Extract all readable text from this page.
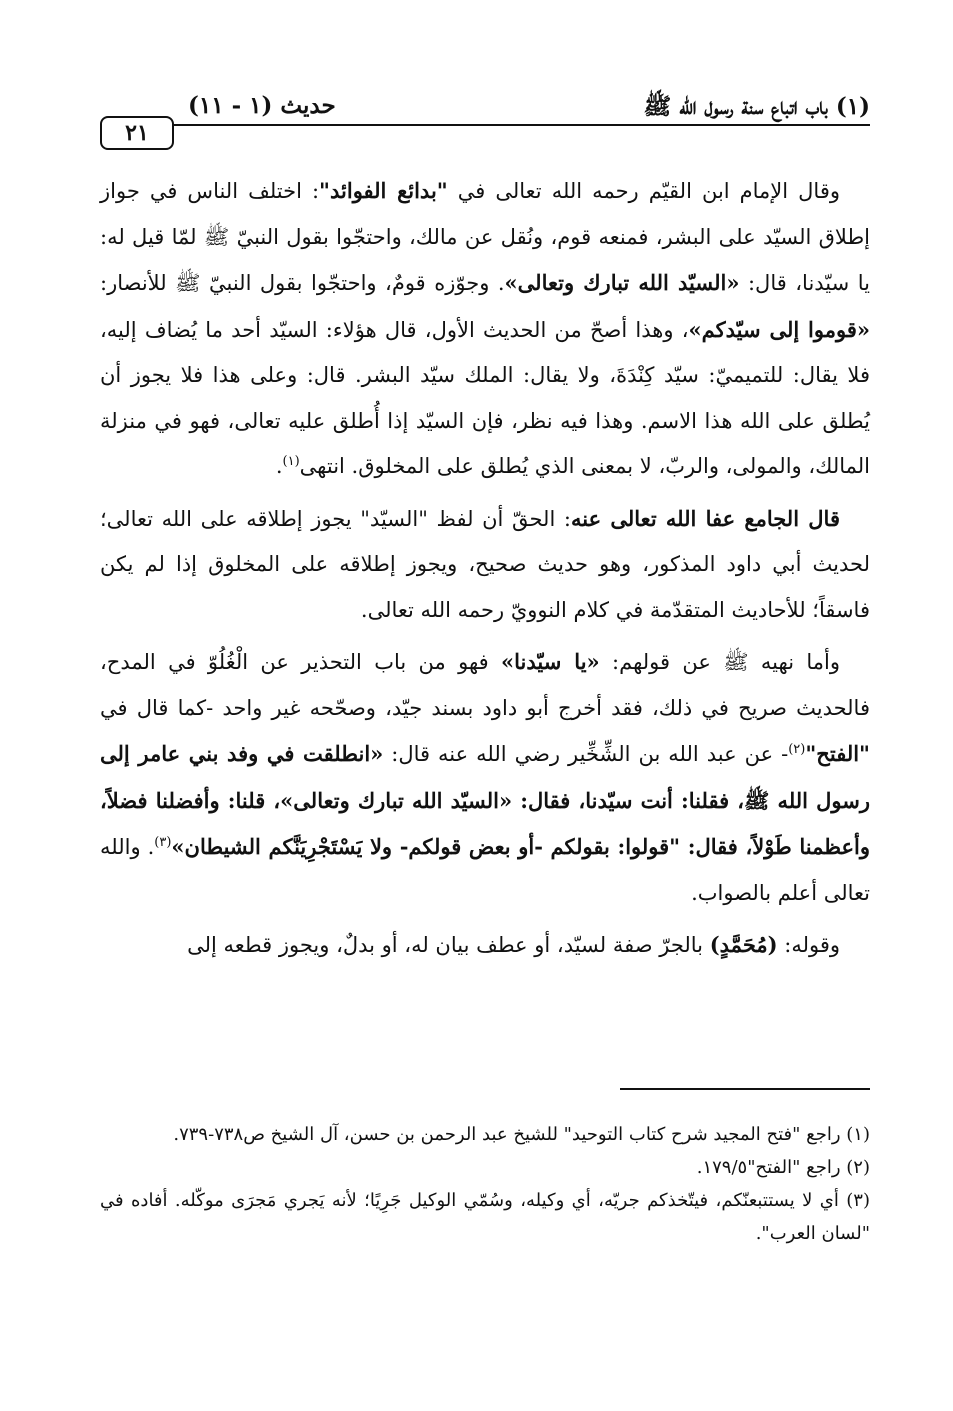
٢١
حديث (١ - ١١)	(١) باب اتباع سنة رسول الله ﷺ

وقال الإمام ابن القيّم رحمه الله تعالى في "بدائع الفوائد": اختلف الناس في جواز إطلاق السيّد على البشر، فمنعه قوم، ونُقل عن مالك، واحتجّوا بقول النبيّ ﷺ لمّا قيل له: يا سيّدنا، قال: «السيّد الله تبارك وتعالى». وجوّزه قومٌ، واحتجّوا بقول النبيّ ﷺ للأنصار: «قوموا إلى سيّدكم»، وهذا أصحّ من الحديث الأول، قال هؤلاء: السيّد أحد ما يُضاف إليه، فلا يقال: للتميميّ: سيّد كِنْدَةَ، ولا يقال: الملك سيّد البشر. قال: وعلى هذا فلا يجوز أن يُطلق على الله هذا الاسم. وهذا فيه نظر، فإن السيّد إذا أُطلق عليه تعالى، فهو في منزلة المالك، والمولى، والربّ، لا بمعنى الذي يُطلق على المخلوق. انتهى$^{(١)}$.

قال الجامع عفا الله تعالى عنه: الحقّ أن لفظ "السيّد" يجوز إطلاقه على الله تعالى؛ لحديث أبي داود المذكور، وهو حديث صحيح، ويجوز إطلاقه على المخلوق إذا لم يكن فاسقاً؛ للأحاديث المتقدّمة في كلام النوويّ رحمه الله تعالى.

وأما نهيه ﷺ عن قولهم: «يا سيّدنا» فهو من باب التحذير عن الْغُلُوّ في المدح، فالحديث صريح في ذلك، فقد أخرج أبو داود بسند جيّد، وصحّحه غير واحد -كما قال في "الفتح"$^{(٢)}$- عن عبد الله بن الشِّخِّير رضي الله عنه قال: «انطلقت في وفد بني عامر إلى رسول الله ﷺ، فقلنا: أنت سيّدنا، فقال: «السيّد الله تبارك وتعالى»، قلنا: وأفضلنا فضلاً، وأعظمنا طَوْلاً، فقال: "قولوا: بقولكم -أو بعض قولكم- ولا يَسْتَجْرِيَنَّكم الشيطان»$^{(٣)}$. والله تعالى أعلم بالصواب.

وقوله: (مُحَمَّدٍ) بالجرّ صفة لسيّد، أو عطف بيان له، أو بدلٌ، ويجوز قطعه إلى

(١) راجع "فتح المجيد شرح كتاب التوحيد" للشيخ عبد الرحمن بن حسن، آل الشيخ ص٧٣٨-٧٣٩.

(٢) راجع "الفتح"١٧٩/٥.

(٣) أي لا يستتبعنّكم، فيتّخذكم جريّه، أي وكيله، وسُمّي الوكيل جَرِيًا؛ لأنه يَجري مَجرَى موكّله. أفاده في "لسان العرب".
